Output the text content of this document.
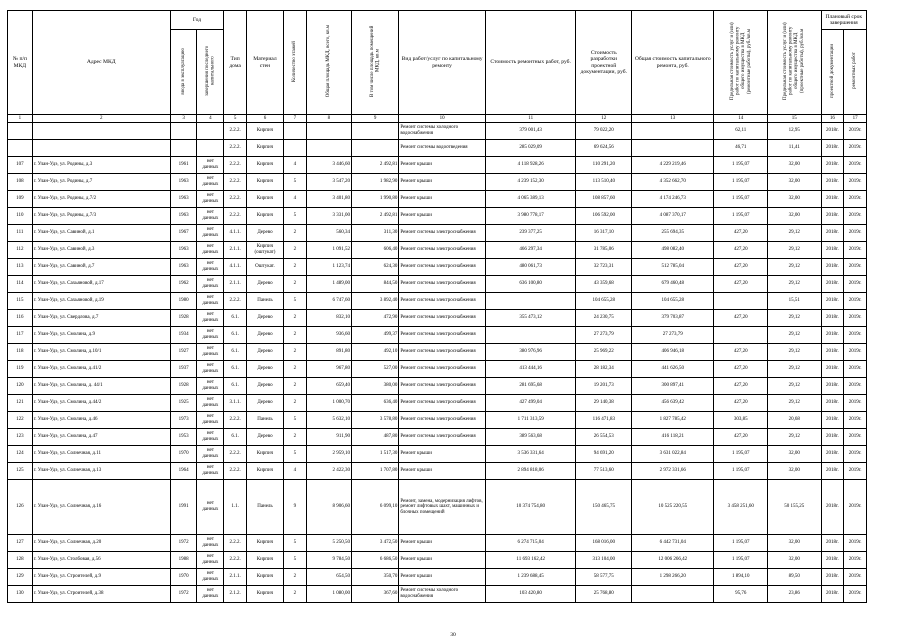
№ п/п МКД	Адрес МКД	Год		Тип дома	Материал стен	Количество этажей	Общая площадь МКД, всего, кв.м	В том числе площадь помещений МКД, кв.м	Вид работ/услуг по капитальному ремонту	Стоимость ремонтных работ, руб.	Стоимость разработки проектной документации, руб.	Общая стоимость капитального ремонта, руб.	Предельная стоимость услуг и (или) работ по капитальному ремонту общего имущества в МКД (ремонтные работы), руб./кв.м	Предельная стоимость услуг и (или) работ по капитальному ремонту общего имущества в МКД (проектные работы), руб./кв.м	Плановый срок завершения	
		ввода в эксплуатацию	завершения последнего капитального												проектной документации	ремонтных работ
1	2	3	4	5	6	7	8	9	10	11	12	13	14	15	16	17
				2.2.2.	Кирпич				Ремонт системы холодного водоснабжения	379 001,43	79 022,20		62,11	12,95	2018г.	2019г.
				2.2.2.	Кирпич				Ремонт системы водоотведения	285 029,09	69 624,56		46,71	11,41	2018г.	2019г.
107	г. Улан-Удэ, ул. Родины, д.3	1961	нет данных	2.2.2.	Кирпич	4	3 446,60	2 492,81	Ремонт крыши	4 118 928,26	110 291,20	4 229 219,46	1 195,07	32,00	2018г.	2019г.
108	г. Улан-Удэ, ул. Родины, д.7	1963	нет данных	2.2.2.	Кирпич	5	3 547,20	1 982,90	Ремонт крыши	4 239 152,30	113 510,40	4 352 662,70	1 195,07	32,00	2018г.	2019г.
109	г. Улан-Удэ, ул. Родины, д.7/2	1963	нет данных	2.2.2.	Кирпич	4	3 401,80	1 990,80	Ремонт крыши	4 065 389,13	108 857,60	4 174 246,73	1 195,07	32,00	2018г.	2019г.
110	г. Улан-Удэ, ул. Родины, д.7/3	1963	нет данных	2.2.2.	Кирпич	5	3 331,00	2 492,81	Ремонт крыши	3 980 778,17	106 592,00	4 087 370,17	1 195,07	32,00	2018г.	2019г.
111	г. Улан-Удэ, ул. Савиной, д.1	1967	нет данных	4.1.1.	Дерево	2	560,34	311,30	Ремонт системы электроснабжения	239 377,25	16 317,10	255 694,35	427,20	29,12	2018г.	2019г.
112	г. Улан-Удэ, ул. Савиной, д.3	1963	нет данных	2.1.1.	Кирпич (оштукат)	2	1 091,52	606,40	Ремонт системы электроснабжения	466 297,34	31 785,06	498 082,40	427,20	29,12	2018г.	2019г.
113	г. Улан-Удэ, ул. Савиной, д.7	1963	нет данных	4.1.1.	Оштукат.	2	1 123,74	624,30	Ремонт системы электроснабжения	480 061,73	32 723,31	512 785,04	427,20	29,12	2018г.	2019г.
114	г. Улан-Удэ, ул. Сахьяновой, д.17	1962	нет данных	2.1.1.	Дерево	2	1 489,00	844,50	Ремонт системы электроснабжения	636 100,80	43 359,68	679 460,48	427,20	29,12	2018г.	2019г.
115	г. Улан-Удэ, ул. Сахьяновой, д.19	1980	нет данных	2.2.2.	Панель	5	6 747,60	3 892,40	Ремонт системы электроснабжения		104 655,28	104 655,28		15,51	2018г.	2019г.
116	г. Улан-Удэ, ул. Свердлова, д.7	1928	нет данных	6.1.	Дерево	2	832,10	472,90	Ремонт системы электроснабжения	355 473,12	24 230,75	379 703,87	427,20	29,12	2018г.	2019г.
117	г. Улан-Удэ, ул. Смолина, д.9	1934	нет данных	6.1.	Дерево	2	936,60	499,37	Ремонт системы электроснабжения		27 273,79	27 273,79		29,12	2018г.	2019г.
118	г. Улан-Удэ, ул. Смолина, д.10/1	1927	нет данных	6.1.	Дерево	2	891,80	492,10	Ремонт системы электроснабжения	380 976,96	25 969,22	406 946,18	427,20	29,12	2018г.	2019г.
119	г. Улан-Удэ, ул. Смолина, д.41/2	1937	нет данных	6.1.	Дерево	2	967,80	527,00	Ремонт системы электроснабжения	413 444,16	28 182,34	441 626,50	427,20	29,12	2018г.	2019г.
120	г. Улан-Удэ, ул. Смолина, д. 44/1	1928	нет данных	6.1.	Дерево	2	659,40	380,00	Ремонт системы электроснабжения	281 695,68	19 201,73	300 897,41	427,20	29,12	2018г.	2019г.
121	г. Улан-Удэ, ул. Смолина, д.44/2	1925	нет данных	3.1.1.	Дерево	2	1 000,70	636,40	Ремонт системы электроснабжения	427 499,04	29 140,38	456 639,42	427,20	29,12	2018г.	2019г.
122	г. Улан-Удэ, ул. Смолина, д.46	1973	нет данных	2.2.2.	Панель	5	5 632,10	3 578,80	Ремонт системы электроснабжения	1 711 313,59	116 471,83	1 827 785,42	303,85	20,68	2018г.	2019г.
123	г. Улан-Удэ, ул. Смолина, д.47	1953	нет данных	6.1.	Дерево	2	911,90	487,80	Ремонт системы электроснабжения	389 563,68	26 554,53	416 118,21	427,20	29,12	2018г.	2019г.
124	г. Улан-Удэ, ул. Солнечная, д.11	1970	нет данных	2.2.2.	Кирпич	5	2 959,10	1 517,30	Ремонт крыши	3 536 331,64	94 691,20	3 631 022,84	1 195,07	32,00	2018г.	2019г.
125	г. Улан-Удэ, ул. Солнечная, д.13	1964	нет данных	2.2.2.	Кирпич	4	2 422,30	1 707,80	Ремонт крыши	2 894 818,06	77 513,60	2 972 331,66	1 195,07	32,00	2018г.	2019г.
126	г. Улан-Удэ, ул. Солнечная, д.16	1991	нет данных	1.1.	Панель	9	8 906,60	6 099,10	Ремонт, замена, модернизация лифтов, ремонт лифтовых шахт, машинных и блочных помещений	10 374 754,80	150 465,75	10 525 220,55	3 458 251,60	50 155,25	2018г.	2019г.
127	г. Улан-Удэ, ул. Солнечная, д.20	1972	нет данных	2.2.2.	Кирпич	5	5 250,50	3 472,50	Ремонт крыши	6 274 715,04	168 016,00	6 442 731,04	1 195,07	32,00	2018г.	2019г.
128	г. Улан-Удэ, ул. Столбовая, д.56	1988	нет данных	2.2.2.	Кирпич	5	9 784,50	6 686,50	Ремонт крыши	11 693 162,42	313 104,00	12 006 266,42	1 195,07	32,00	2018г.	2019г.
129	г. Улан-Удэ, ул. Строителей, д.9	1970	нет данных	2.1.1.	Кирпич	2	654,50	350,70	Ремонт крыши	1 239 688,45	58 577,75	1 298 266,20	1 894,10	89,50	2018г.	2019г.
130	г. Улан-Удэ, ул. Строителей, д.38	1972	нет данных	2.1.2.	Кирпич	2	1 080,00	367,60	Ремонт системы холодного водоснабжения	103 420,80	25 768,80		95,76	23,86	2018г.	2019г.
30
